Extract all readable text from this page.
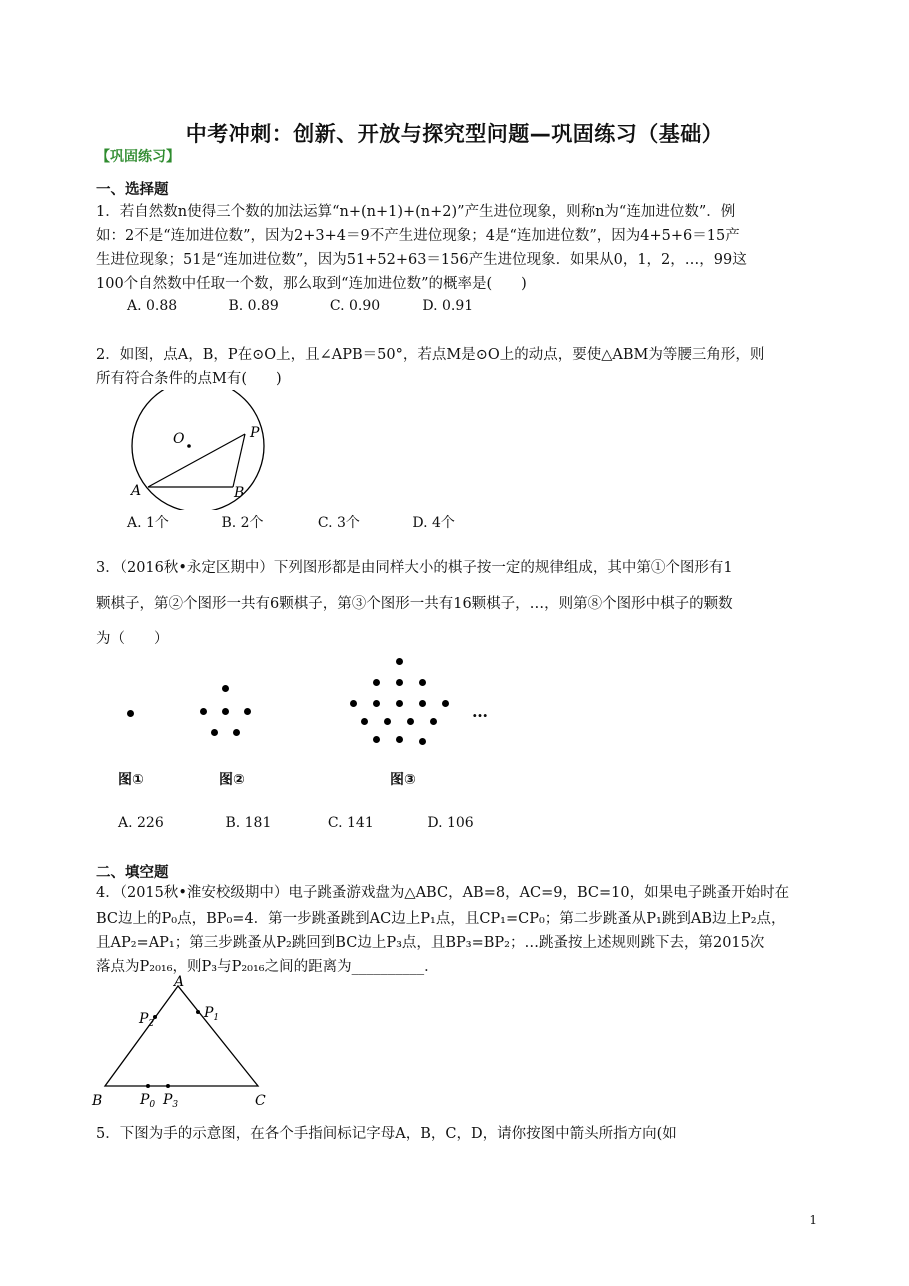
中考冲刺：创新、开放与探究型问题—巩固练习（基础）
【巩固练习】
一、选择题
1．若自然数n使得三个数的加法运算“n+(n+1)+(n+2)”产生进位现象，则称n为“连加进位数”．例
如：2不是“连加进位数”，因为2+3+4＝9不产生进位现象；4是“连加进位数”，因为4+5+6＝15产
生进位现象；51是“连加进位数”，因为51+52+63＝156产生进位现象．如果从0，1，2，…，99这
100个自然数中任取一个数，那么取到“连加进位数”的概率是(　　)
A. 0.88	B. 0.89	C. 0.90	D. 0.91
2．如图，点A，B，P在⊙O上，且∠APB＝50°，若点M是⊙O上的动点，要使△ABM为等腰三角形，则
所有符合条件的点M有(　　)
O	P
A	B
A. 1个	B. 2个	C. 3个	D. 4个
3．（2016秋•永定区期中）下列图形都是由同样大小的棋子按一定的规律组成，其中第①个图形有1
颗棋子，第②个图形一共有6颗棋子，第③个图形一共有16颗棋子，…，则第⑧个图形中棋子的颗数
为（　　）
…
图①	图②	图③
A. 226	B. 181	C. 141	D. 106
二、填空题
4．（2015秋•淮安校级期中）电子跳蚤游戏盘为△ABC，AB=8，AC=9，BC=10，如果电子跳蚤开始时在
BC边上的P₀点，BP₀=4．第一步跳蚤跳到AC边上P₁点，且CP₁=CP₀；第二步跳蚤从P₁跳到AB边上P₂点，
且AP₂=AP₁；第三步跳蚤从P₂跳回到BC边上P₃点，且BP₃=BP₂；…跳蚤按上述规则跳下去，第2015次
落点为P₂₀₁₆，则P₃与P₂₀₁₆之间的距离为__________．
A
B	C
$P_2$
$P_1$
$P_0$ $P_3$
5．下图为手的示意图，在各个手指间标记字母A，B，C，D，请你按图中箭头所指方向(如
1
